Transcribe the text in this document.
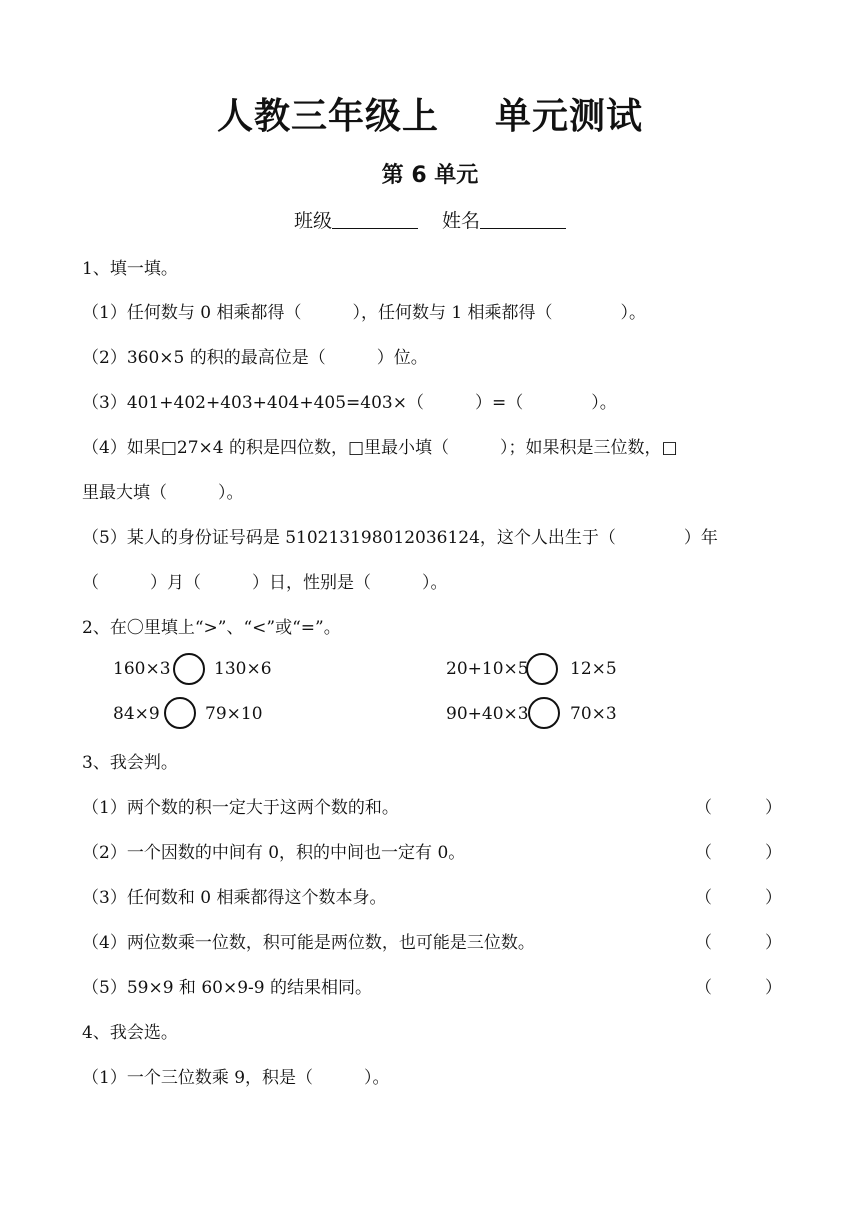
人教三年级上 单元测试
第 6 单元
班级	姓名
1、填一填。
（1）任何数与 0 相乘都得（　　　），任何数与 1 相乘都得（　　　　）。
（2）360×5 的积的最高位是（　　　）位。
（3）401+402+403+404+405=403×（　　　）=（　　　　）。
（4）如果□27×4 的积是四位数，□里最小填（　　　）；如果积是三位数，□
里最大填（　　　）。
（5）某人的身份证号码是 510213198012036124，这个人出生于（　　　　）年
（　　　）月（　　　）日，性别是（　　　）。
2、在〇里填上“>”、“<”或“=”。
160×3	130×6	20+10×5 12×5
84×9	79×10	90+40×3 70×3
3、我会判。
（1）两个数的积一定大于这两个数的和。	（	）
（2）一个因数的中间有 0，积的中间也一定有 0。	（	）
（3）任何数和 0 相乘都得这个数本身。	（	）
（4）两位数乘一位数，积可能是两位数，也可能是三位数。	（	）
（5）59×9 和 60×9-9 的结果相同。	（	）
4、我会选。
（1）一个三位数乘 9，积是（　　　）。
